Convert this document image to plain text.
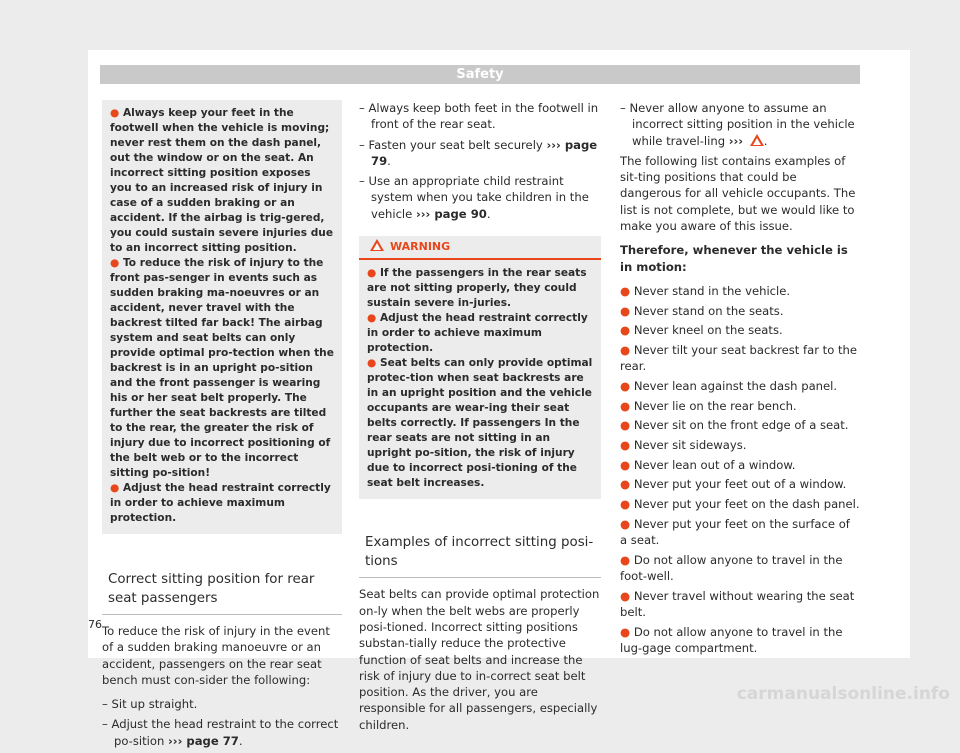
Safety

● Always keep your feet in the footwell when the vehicle is moving; never rest them on the dash panel, out the window or on the seat. An incorrect sitting position exposes you to an increased risk of injury in case of a sudden braking or an accident. If the airbag is trig-gered, you could sustain severe injuries due to an incorrect sitting position.

● To reduce the risk of injury to the front pas-senger in events such as sudden braking ma-noeuvres or an accident, never travel with the backrest tilted far back! The airbag system and seat belts can only provide optimal pro-tection when the backrest is in an upright po-sition and the front passenger is wearing his or her seat belt properly. The further the seat backrests are tilted to the rear, the greater the risk of injury due to incorrect positioning of the belt web or to the incorrect sitting po-sition!

● Adjust the head restraint correctly in order to achieve maximum protection.

Correct sitting position for rear seat passengers

To reduce the risk of injury in the event of a sudden braking manoeuvre or an accident, passengers on the rear seat bench must con-sider the following:

– Sit up straight.

– Adjust the head restraint to the correct po-sition ››› page 77.

– Always keep both feet in the footwell in front of the rear seat.

– Fasten your seat belt securely ››› page 79.

– Use an appropriate child restraint system when you take children in the vehicle ››› page 90.

WARNING

● If the passengers in the rear seats are not sitting properly, they could sustain severe in-juries.

● Adjust the head restraint correctly in order to achieve maximum protection.

● Seat belts can only provide optimal protec-tion when seat backrests are in an upright position and the vehicle occupants are wear-ing their seat belts correctly. If passengers In the rear seats are not sitting in an upright po-sition, the risk of injury due to incorrect posi-tioning of the seat belt increases.

Examples of incorrect sitting posi-tions

Seat belts can provide optimal protection on-ly when the belt webs are properly posi-tioned. Incorrect sitting positions substan-tially reduce the protective function of seat belts and increase the risk of injury due to in-correct seat belt position. As the driver, you are responsible for all passengers, especially children.

– Never allow anyone to assume an incorrect sitting position in the vehicle while travel-ling ››› .

The following list contains examples of sit-ting positions that could be dangerous for all vehicle occupants. The list is not complete, but we would like to make you aware of this issue.

Therefore, whenever the vehicle is in motion:

● Never stand in the vehicle.
● Never stand on the seats.
● Never kneel on the seats.
● Never tilt your seat backrest far to the rear.
● Never lean against the dash panel.
● Never lie on the rear bench.
● Never sit on the front edge of a seat.
● Never sit sideways.
● Never lean out of a window.
● Never put your feet out of a window.
● Never put your feet on the dash panel.
● Never put your feet on the surface of a seat.
● Do not allow anyone to travel in the foot-well.
● Never travel without wearing the seat belt.
● Do not allow anyone to travel in the lug-gage compartment.
76
carmanualsonline.info
